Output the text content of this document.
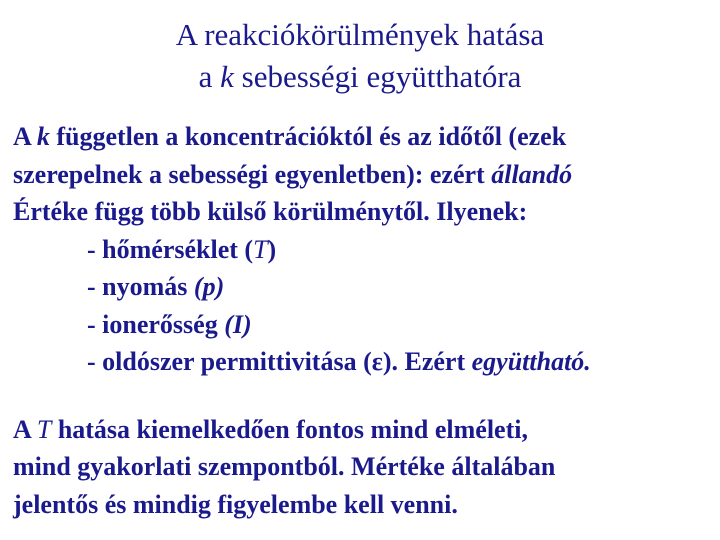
A reakciókörülmények hatása
a k sebességi együtthatóra
A k független a koncentrációktól és az időtől (ezek
szerepelnek a sebességi egyenletben): ezért állandó
Értéke függ több külső körülménytől. Ilyenek:
- hőmérséklet (T)
- nyomás (p)
- ionerősség (I)
- oldószer permittivitása (ε). Ezért együttható.
A T hatása kiemelkedően fontos mind elméleti,
mind gyakorlati szempontból. Mértéke általában
jelentős és mindig figyelembe kell venni.
